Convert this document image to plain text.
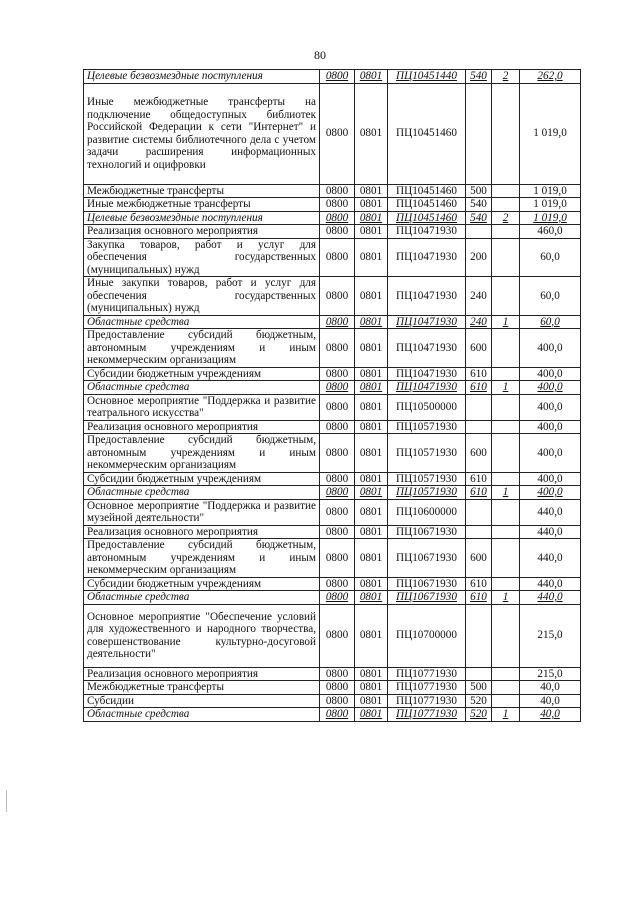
80
Целевые безвозмездные поступления	0800	0801	ПЦ10451440	540	2	262,0
Иные межбюджетные трансферты на подключение общедоступных библиотек Российской Федерации к сети "Интернет" и развитие системы библиотечного дела с учетом задачи расширения информационных технологий и оцифровки	0800	0801	ПЦ10451460			1 019,0
Межбюджетные трансферты	0800	0801	ПЦ10451460	500		1 019,0
Иные межбюджетные трансферты	0800	0801	ПЦ10451460	540		1 019,0
Целевые безвозмездные поступления	0800	0801	ПЦ10451460	540	2	1 019,0
Реализация основного мероприятия	0800	0801	ПЦ10471930			460,0
Закупка товаров, работ и услуг для обеспечения государственных (муниципальных) нужд	0800	0801	ПЦ10471930	200		60,0
Иные закупки товаров, работ и услуг для обеспечения государственных (муниципальных) нужд	0800	0801	ПЦ10471930	240		60,0
Областные средства	0800	0801	ПЦ10471930	240	1	60,0
Предоставление субсидий бюджетным, автономным учреждениям и иным некоммерческим организациям	0800	0801	ПЦ10471930	600		400,0
Субсидии бюджетным учреждениям	0800	0801	ПЦ10471930	610		400,0
Областные средства	0800	0801	ПЦ10471930	610	1	400,0
Основное мероприятие "Поддержка и развитие театрального искусства"	0800	0801	ПЦ10500000			400,0
Реализация основного мероприятия	0800	0801	ПЦ10571930			400,0
Предоставление субсидий бюджетным, автономным учреждениям и иным некоммерческим организациям	0800	0801	ПЦ10571930	600		400,0
Субсидии бюджетным учреждениям	0800	0801	ПЦ10571930	610		400,0
Областные средства	0800	0801	ПЦ10571930	610	1	400,0
Основное мероприятие "Поддержка и развитие музейной деятельности"	0800	0801	ПЦ10600000			440,0
Реализация основного мероприятия	0800	0801	ПЦ10671930			440,0
Предоставление субсидий бюджетным, автономным учреждениям и иным некоммерческим организациям	0800	0801	ПЦ10671930	600		440,0
Субсидии бюджетным учреждениям	0800	0801	ПЦ10671930	610		440,0
Областные средства	0800	0801	ПЦ10671930	610	1	440,0
Основное мероприятие "Обеспечение условий для художественного и народного творчества, совершенствование культурно-досуговой деятельности"	0800	0801	ПЦ10700000			215,0
Реализация основного мероприятия	0800	0801	ПЦ10771930			215,0
Межбюджетные трансферты	0800	0801	ПЦ10771930	500		40,0
Субсидии	0800	0801	ПЦ10771930	520		40,0
Областные средства	0800	0801	ПЦ10771930	520	1	40,0
